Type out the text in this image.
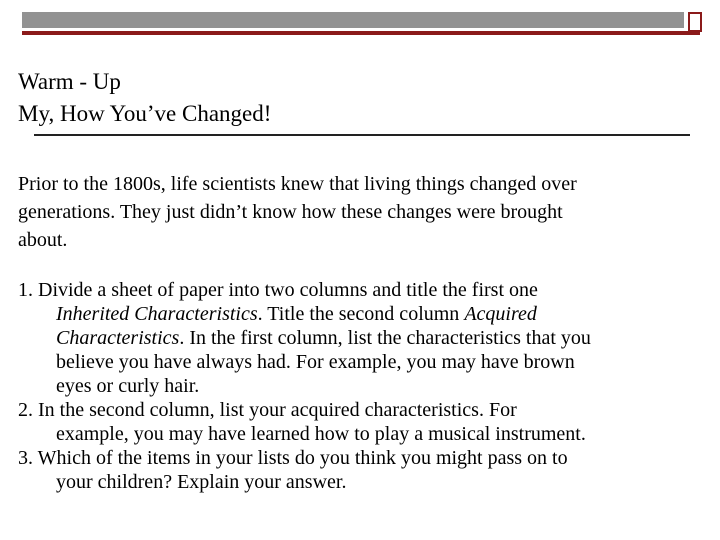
Warm - Up
My, How You’ve Changed!
Prior to the 1800s, life scientists knew that living things changed over
generations. They just didn’t know how these changes were brought
about.
1. Divide a sheet of paper into two columns and title the first one
Inherited Characteristics. Title the second column Acquired
Characteristics. In the first column, list the characteristics that you
believe you have always had. For example, you may have brown
eyes or curly hair.
2. In the second column, list your acquired characteristics. For
example, you may have learned how to play a musical instrument.
3. Which of the items in your lists do you think you might pass on to
your children? Explain your answer.
